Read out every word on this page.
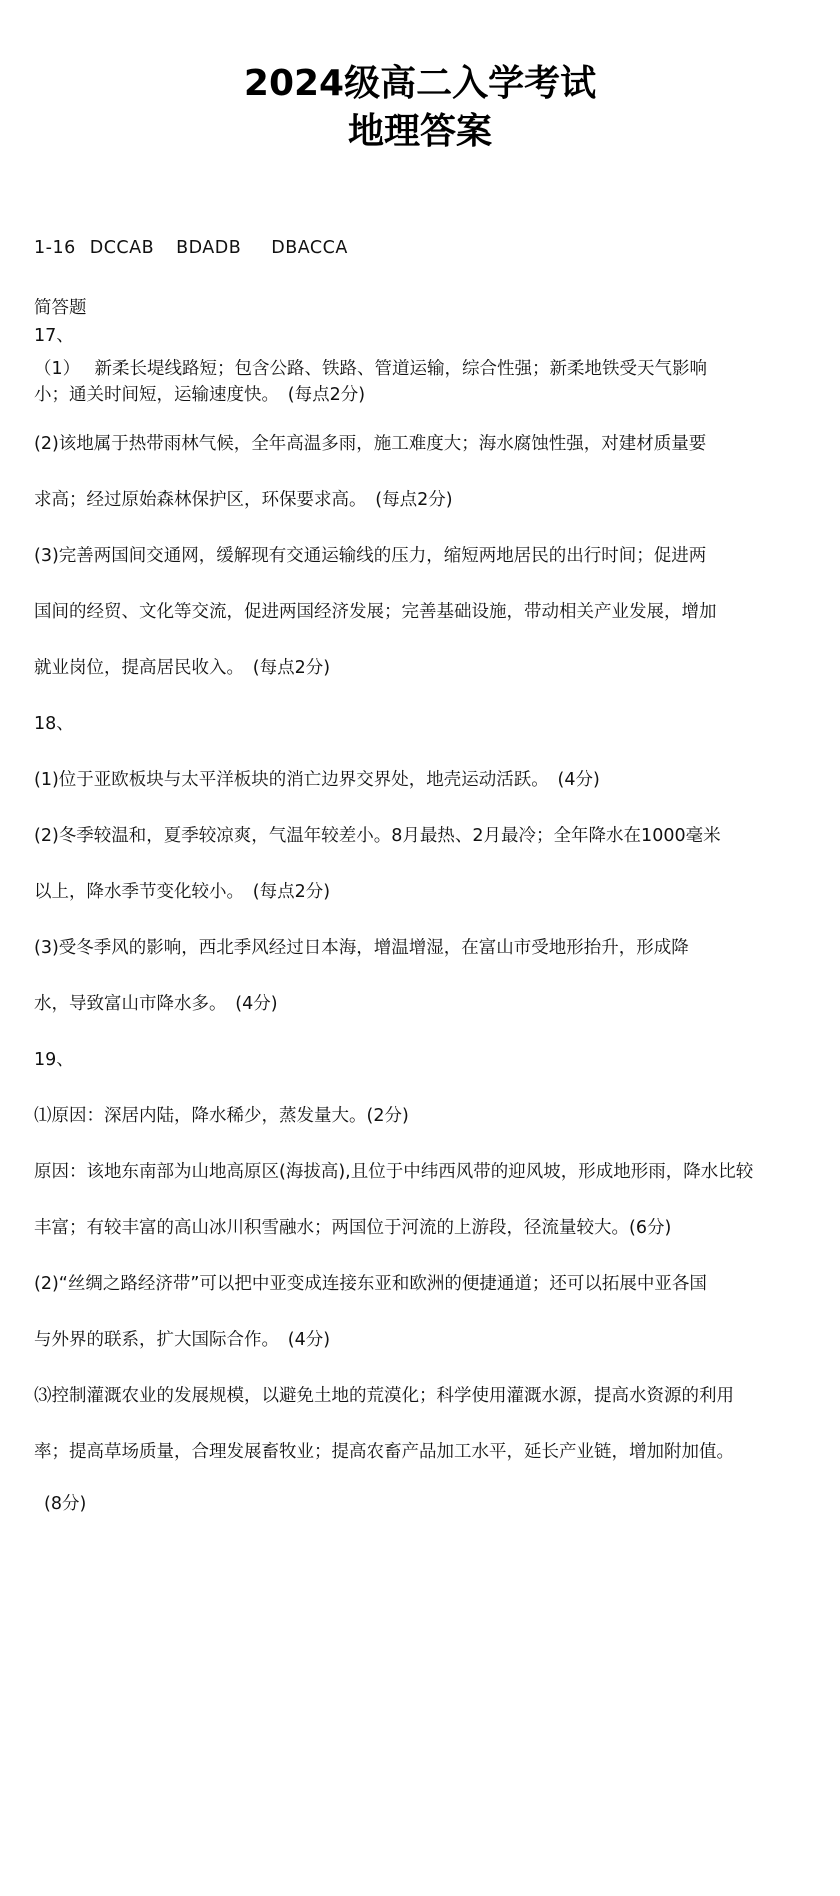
2024级高二入学考试
地理答案
1-16 DCCAB BDADB DBACCA
简答题
17、
（1）　 新柔长堤线路短；包含公路、铁路、管道运输，综合性强；新柔地铁受天气影响
小；通关时间短，运输速度快。　(每点2分)
(2)该地属于热带雨林气候，全年高温多雨，施工难度大；海水腐蚀性强，对建材质量要
求高；经过原始森林保护区，环保要求高。　(每点2分)
(3)完善两国间交通网，缓解现有交通运输线的压力，缩短两地居民的出行时间；促进两
国间的经贸、文化等交流，促进两国经济发展；完善基础设施，带动相关产业发展，增加
就业岗位，提高居民收入。　(每点2分)
18、
(1)位于亚欧板块与太平洋板块的消亡边界交界处，地壳运动活跃。　(4分)
(2)冬季较温和，夏季较凉爽，气温年较差小。8月最热、2月最冷；全年降水在1000毫米
以上，降水季节变化较小。　(每点2分)
(3)受冬季风的影响，西北季风经过日本海，增温增湿，在富山市受地形抬升，形成降
水，导致富山市降水多。　(4分)
19、
⑴原因：深居内陆，降水稀少，蒸发量大。(2分)
原因：该地东南部为山地高原区(海拔高),且位于中纬西风带的迎风坡，形成地形雨，降水比较
丰富；有较丰富的高山冰川积雪融水；两国位于河流的上游段，径流量较大。(6分)
(2)“丝绸之路经济带”可以把中亚变成连接东亚和欧洲的便捷通道；还可以拓展中亚各国
与外界的联系，扩大国际合作。　(4分)
⑶控制灌溉农业的发展规模，以避免土地的荒漠化；科学使用灌溉水源，提高水资源的利用
率；提高草场质量，合理发展畜牧业；提高农畜产品加工水平，延长产业链，增加附加值。
(8分)
